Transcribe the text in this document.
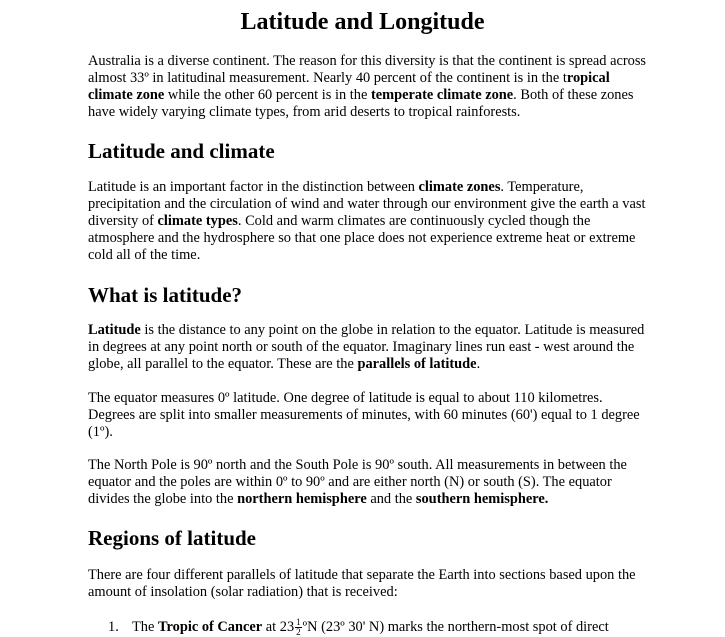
Latitude and Longitude

Australia is a diverse continent. The reason for this diversity is that the continent is spread across almost 33º in latitudinal measurement. Nearly 40 percent of the continent is in the tropical climate zone while the other 60 percent is in the temperate climate zone. Both of these zones have widely varying climate types, from arid deserts to tropical rainforests.

Latitude and climate

Latitude is an important factor in the distinction between climate zones. Temperature, precipitation and the circulation of wind and water through our environment give the earth a vast diversity of climate types. Cold and warm climates are continuously cycled though the atmosphere and the hydrosphere so that one place does not experience extreme heat or extreme cold all of the time.

What is latitude?

Latitude is the distance to any point on the globe in relation to the equator. Latitude is measured in degrees at any point north or south of the equator. Imaginary lines run east - west around the globe, all parallel to the equator. These are the parallels of latitude.

The equator measures 0º latitude. One degree of latitude is equal to about 110 kilometres. Degrees are split into smaller measurements of minutes, with 60 minutes (60') equal to 1 degree (1º).

The North Pole is 90º north and the South Pole is 90º south. All measurements in between the equator and the poles are within 0º to 90º and are either north (N) or south (S). The equator divides the globe into the northern hemisphere and the southern hemisphere.

Regions of latitude

There are four different parallels of latitude that separate the Earth into sections based upon the amount of insolation (solar radiation) that is received:

1. The Tropic of Cancer at $23 \frac{1}{2}$ ºN (23º 30' N) marks the northern-most spot of direct
